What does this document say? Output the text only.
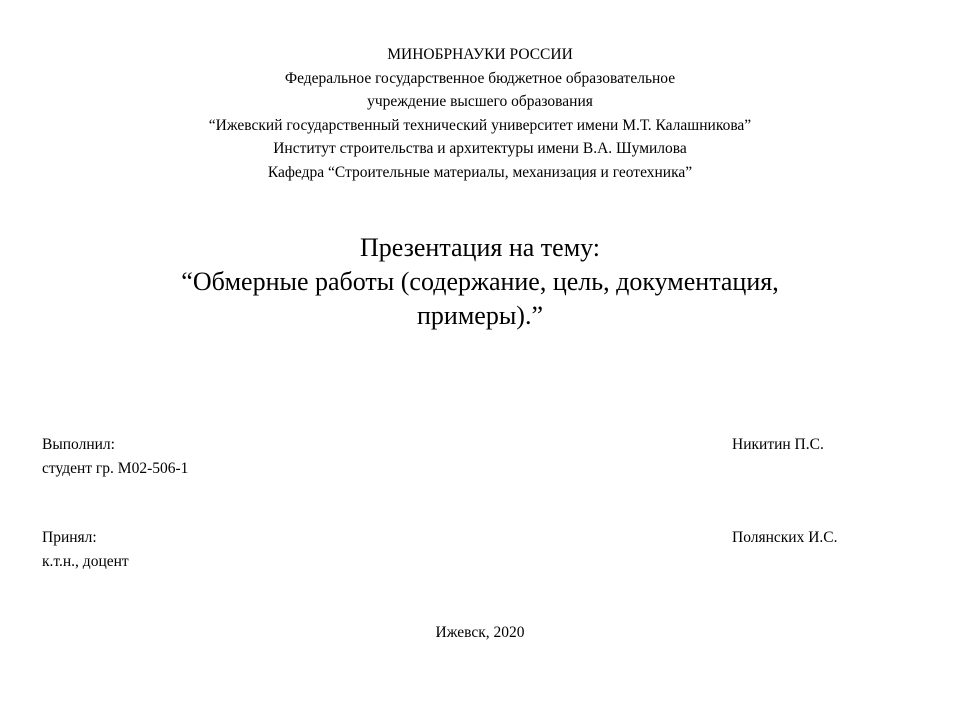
МИНОБРНАУКИ РОССИИ
Федеральное государственное бюджетное образовательное
учреждение высшего образования
“Ижевский государственный технический университет имени М.Т. Калашникова”
Институт строительства и архитектуры имени В.А. Шумилова
Кафедра “Строительные материалы, механизация и геотехника”
Презентация на тему:
“Обмерные работы (содержание, цель, документация,
примеры).”
Выполнил:
студент гр. М02-506-1
Никитин П.С.
Принял:
к.т.н., доцент
Полянских И.С.
Ижевск, 2020
